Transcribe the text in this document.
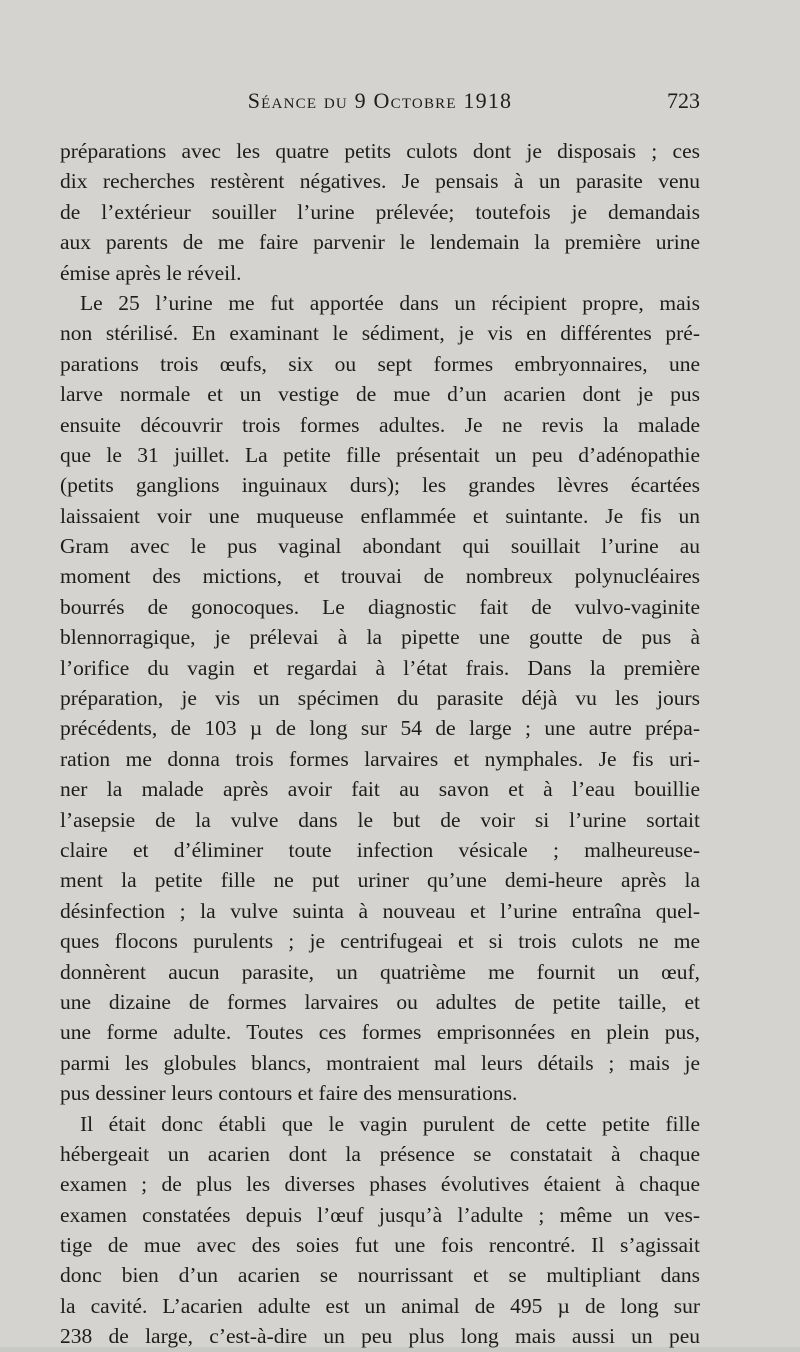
Séance du 9 Octobre 1918	723
préparations avec les quatre petits culots dont je disposais ; ces
dix recherches restèrent négatives. Je pensais à un parasite venu
de l’extérieur souiller l’urine prélevée; toutefois je demandais
aux parents de me faire parvenir le lendemain la première urine
émise après le réveil.
Le 25 l’urine me fut apportée dans un récipient propre, mais
non stérilisé. En examinant le sédiment, je vis en différentes pré-
parations trois œufs, six ou sept formes embryonnaires, une
larve normale et un vestige de mue d’un acarien dont je pus
ensuite découvrir trois formes adultes. Je ne revis la malade
que le 31 juillet. La petite fille présentait un peu d’adénopathie
(petits ganglions inguinaux durs); les grandes lèvres écartées
laissaient voir une muqueuse enflammée et suintante. Je fis un
Gram avec le pus vaginal abondant qui souillait l’urine au
moment des mictions, et trouvai de nombreux polynucléaires
bourrés de gonocoques. Le diagnostic fait de vulvo-vaginite
blennorragique, je prélevai à la pipette une goutte de pus à
l’orifice du vagin et regardai à l’état frais. Dans la première
préparation, je vis un spécimen du parasite déjà vu les jours
précédents, de 103 µ de long sur 54 de large ; une autre prépa-
ration me donna trois formes larvaires et nymphales. Je fis uri-
ner la malade après avoir fait au savon et à l’eau bouillie
l’asepsie de la vulve dans le but de voir si l’urine sortait
claire et d’éliminer toute infection vésicale ; malheureuse-
ment la petite fille ne put uriner qu’une demi-heure après la
désinfection ; la vulve suinta à nouveau et l’urine entraîna quel-
ques flocons purulents ; je centrifugeai et si trois culots ne me
donnèrent aucun parasite, un quatrième me fournit un œuf,
une dizaine de formes larvaires ou adultes de petite taille, et
une forme adulte. Toutes ces formes emprisonnées en plein pus,
parmi les globules blancs, montraient mal leurs détails ; mais je
pus dessiner leurs contours et faire des mensurations.
Il était donc établi que le vagin purulent de cette petite fille
hébergeait un acarien dont la présence se constatait à chaque
examen ; de plus les diverses phases évolutives étaient à chaque
examen constatées depuis l’œuf jusqu’à l’adulte ; même un ves-
tige de mue avec des soies fut une fois rencontré. Il s’agissait
donc bien d’un acarien se nourrissant et se multipliant dans
la cavité. L’acarien adulte est un animal de 495 µ de long sur
238 de large, c’est-à-dire un peu plus long mais aussi un peu
